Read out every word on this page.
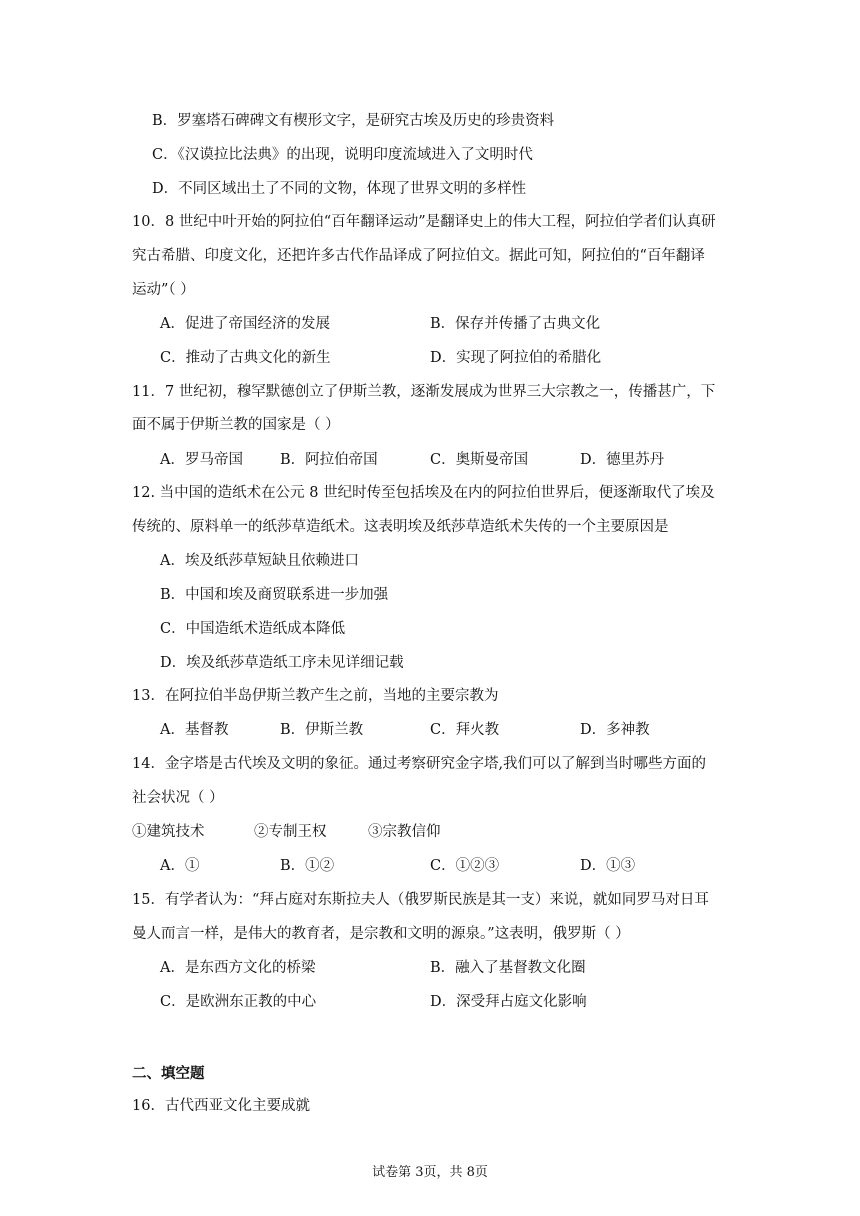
B．罗塞塔石碑碑文有楔形文字，是研究古埃及历史的珍贵资料
C．《汉谟拉比法典》的出现，说明印度流域进入了文明时代
D．不同区域出土了不同的文物，体现了世界文明的多样性
10．8 世纪中叶开始的阿拉伯“百年翻译运动”是翻译史上的伟大工程，阿拉伯学者们认真研
究古希腊、印度文化，还把许多古代作品译成了阿拉伯文。据此可知，阿拉伯的“百年翻译
运动”（ ）
A．促进了帝国经济的发展	B．保存并传播了古典文化
C．推动了古典文化的新生	D．实现了阿拉伯的希腊化
11．7 世纪初，穆罕默德创立了伊斯兰教，逐渐发展成为世界三大宗教之一，传播甚广，下
面不属于伊斯兰教的国家是（ ）
A．罗马帝国	B．阿拉伯帝国	C．奥斯曼帝国	D．德里苏丹
12. 当中国的造纸术在公元 8 世纪时传至包括埃及在内的阿拉伯世界后，便逐渐取代了埃及
传统的、原料单一的纸莎草造纸术。这表明埃及纸莎草造纸术失传的一个主要原因是
A．埃及纸莎草短缺且依赖进口
B．中国和埃及商贸联系进一步加强
C．中国造纸术造纸成本降低
D．埃及纸莎草造纸工序未见详细记载
13．在阿拉伯半岛伊斯兰教产生之前，当地的主要宗教为
A．基督教	B．伊斯兰教	C．拜火教	D．多神教
14．金字塔是古代埃及文明的象征。通过考察研究金字塔,我们可以了解到当时哪些方面的
社会状况（ ）
①建筑技术	②专制王权	③宗教信仰
A．①	B．①②	C．①②③	D．①③
15．有学者认为：“拜占庭对东斯拉夫人（俄罗斯民族是其一支）来说，就如同罗马对日耳
曼人而言一样，是伟大的教育者，是宗教和文明的源泉。”这表明，俄罗斯（ ）
A．是东西方文化的桥梁	B．融入了基督教文化圈
C．是欧洲东正教的中心	D．深受拜占庭文化影响
二、填空题
16．古代西亚文化主要成就
试卷第 3页，共 8页
